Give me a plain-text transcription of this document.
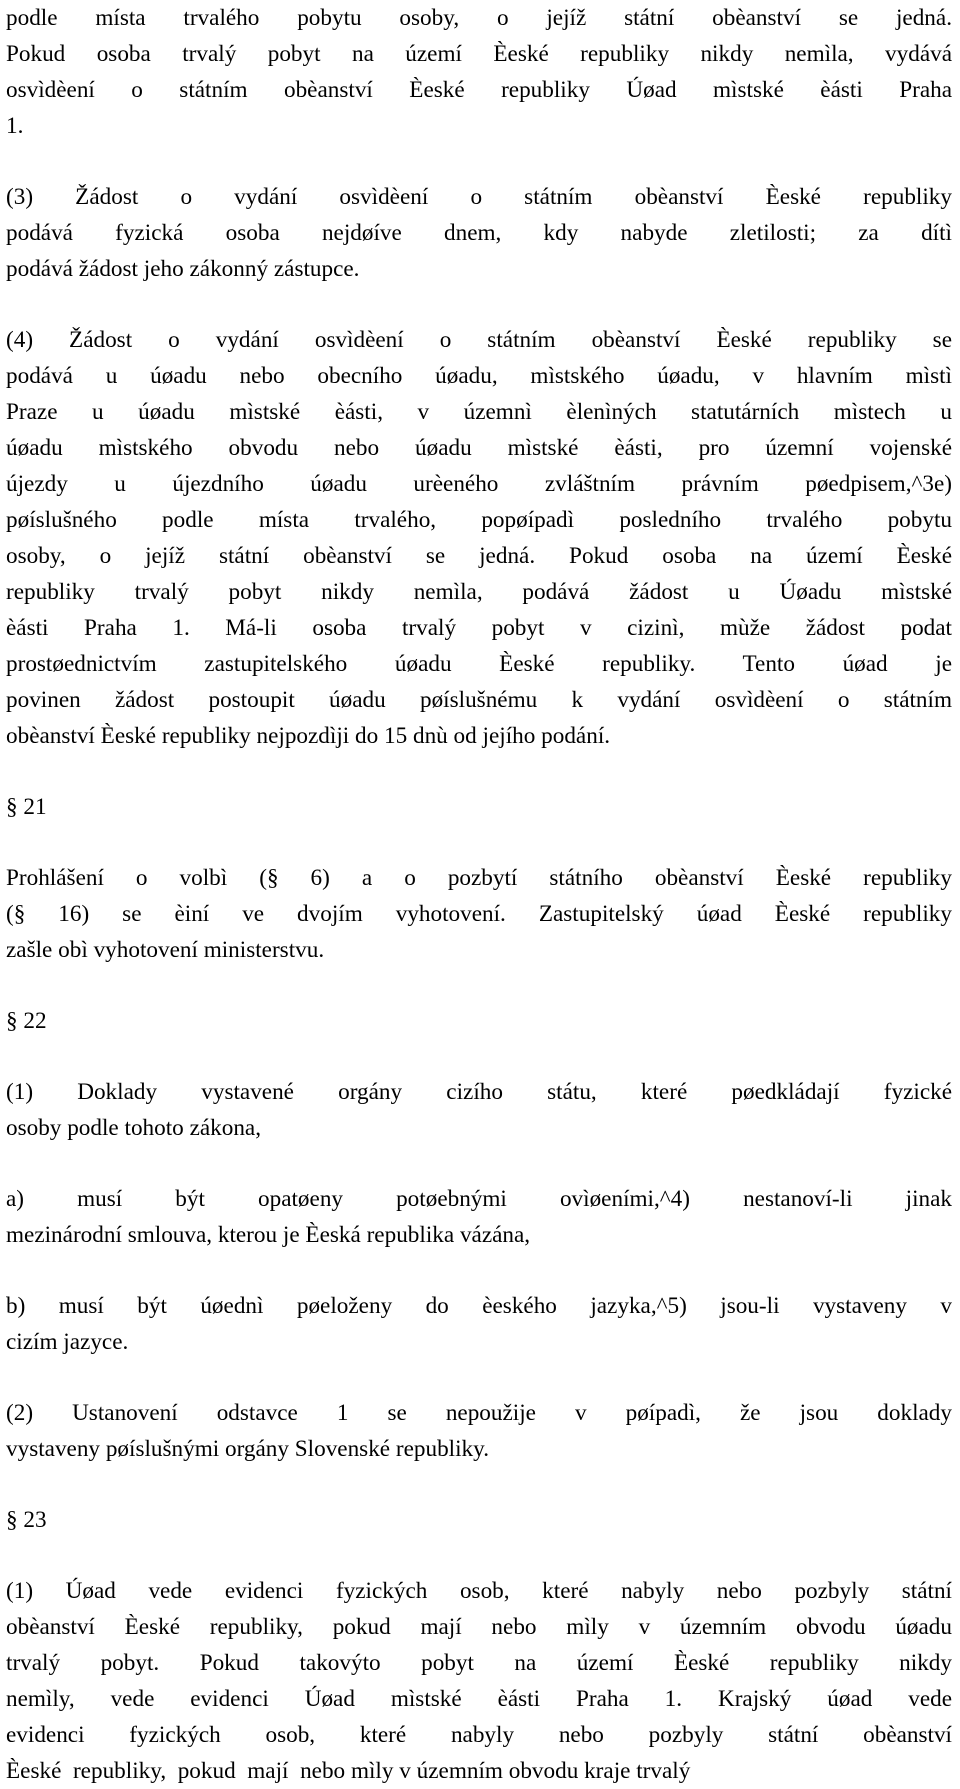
podle místa trvalého pobytu osoby, o jejíž státní obèanství se jedná.
Pokud osoba trvalý pobyt na území Èeské republiky nikdy nemìla, vydává
osvìdèení o státním obèanství Èeské republiky Úøad mìstské èásti Praha
1.
(3) Žádost o vydání osvìdèení o státním obèanství Èeské republiky
podává fyzická osoba nejdøíve dnem, kdy nabyde zletilosti; za dítì
podává žádost jeho zákonný zástupce.
(4) Žádost o vydání osvìdèení o státním obèanství Èeské republiky se
podává u úøadu nebo obecního úøadu, mìstského úøadu, v hlavním mìstì
Praze u úøadu mìstské èásti, v územnì èlenìných statutárních mìstech u
úøadu mìstského obvodu nebo úøadu mìstské èásti, pro územní vojenské
újezdy u újezdního úøadu urèeného zvláštním právním pøedpisem,^3e)
pøíslušného podle místa trvalého, popøípadì posledního trvalého pobytu
osoby, o jejíž státní obèanství se jedná. Pokud osoba na území Èeské
republiky trvalý pobyt nikdy nemìla, podává žádost u Úøadu mìstské
èásti Praha 1. Má-li osoba trvalý pobyt v cizinì, mùže žádost podat
prostøednictvím zastupitelského úøadu Èeské republiky. Tento úøad je
povinen žádost postoupit úøadu pøíslušnému k vydání osvìdèení o státním
obèanství Èeské republiky nejpozdìji do 15 dnù od jejího podání.
§ 21
Prohlášení o volbì (§ 6) a o pozbytí státního obèanství Èeské republiky
(§ 16) se èiní ve dvojím vyhotovení. Zastupitelský úøad Èeské republiky
zašle obì vyhotovení ministerstvu.
§ 22
(1) Doklady vystavené orgány cizího státu, které pøedkládají fyzické
osoby podle tohoto zákona,
a) musí být opatøeny potøebnými ovìøeními,^4) nestanoví-li jinak
mezinárodní smlouva, kterou je Èeská republika vázána,
b) musí být úøednì pøeloženy do èeského jazyka,^5) jsou-li vystaveny v
cizím jazyce.
(2) Ustanovení odstavce 1 se nepoužije v pøípadì, že jsou doklady
vystaveny pøíslušnými orgány Slovenské republiky.
§ 23
(1) Úøad vede evidenci fyzických osob, které nabyly nebo pozbyly státní
obèanství Èeské republiky, pokud mají nebo mìly v územním obvodu úøadu
trvalý pobyt. Pokud takovýto pobyt na území Èeské republiky nikdy
nemìly, vede evidenci Úøad mìstské èásti Praha 1. Krajský úøad vede
evidenci fyzických osob, které nabyly nebo pozbyly státní obèanství
Èeské  republiky,  pokud  mají  nebo mìly v územním obvodu kraje trvalý
